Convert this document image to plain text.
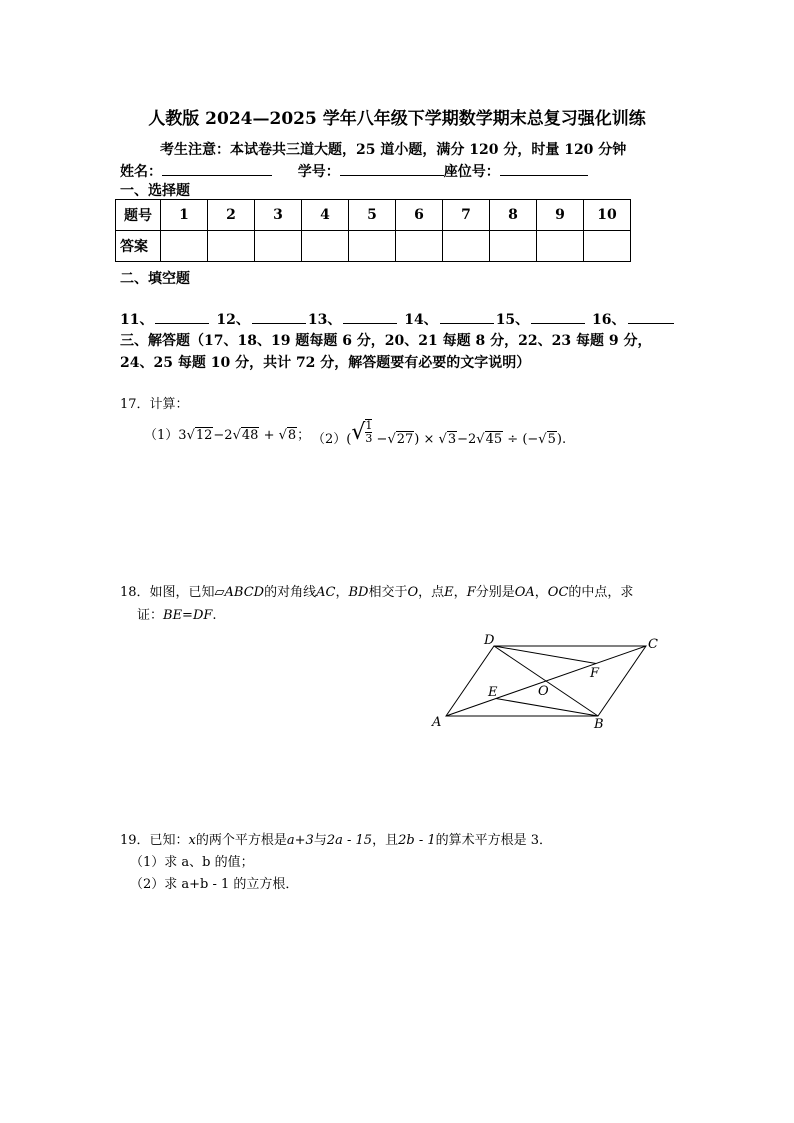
人教版 2024—2025 学年八年级下学期数学期末总复习强化训练
考生注意：本试卷共三道大题，25 道小题，满分 120 分，时量 120 分钟
姓名：	学号：	座位号：
一、选择题
题号	1	2	3	4	5	6	7	8	9	10
答案										
二、填空题
11、	12、	13、	14、	15、	16、
三、解答题（17、18、19 题每题 6 分，20、21 每题 8 分，22、23 每题 9 分，
24、25 每题 10 分，共计 72 分，解答题要有必要的文字说明）
17．计算：
（1）3√12−2√48 + √8； $(2)(√ \frac{1}{3} -√27) \times √3-2√45 \div (-√5)$.
18．如图，已知▱ABCD的对角线AC，BD相交于O，点E，F分别是OA，OC的中点，求
证：BE=DF.
A	B
C
D
E
F
O
19．已知：x的两个平方根是a+3与2a - 15，且2b - 1的算术平方根是 3．
（1）求 a、b 的值；
（2）求 a+b - 1 的立方根．
